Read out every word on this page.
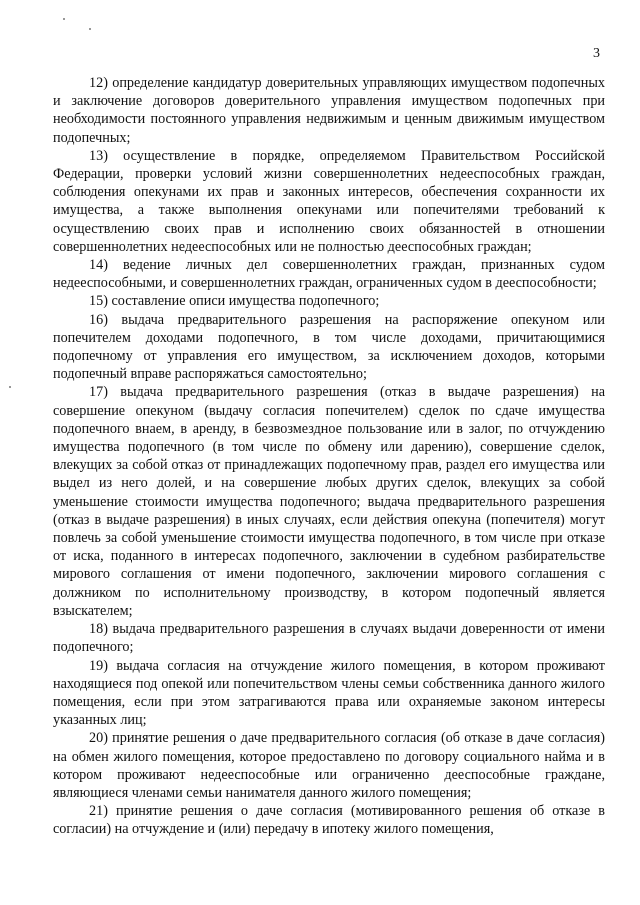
3

12) определение кандидатур доверительных управляющих имуществом подопечных и заключение договоров доверительного управления имуществом подопечных при необходимости постоянного управления недвижимым и ценным движимым имуществом подопечных;

13) осуществление в порядке, определяемом Правительством Российской Федерации, проверки условий жизни совершеннолетних недееспособных граждан, соблюдения опекунами их прав и законных интересов, обеспечения сохранности их имущества, а также выполнения опекунами или попечителями требований к осуществлению своих прав и исполнению своих обязанностей в отношении совершеннолетних недееспособных или не полностью дееспособных граждан;

14) ведение личных дел совершеннолетних граждан, признанных судом недееспособными, и совершеннолетних граждан, ограниченных судом в дееспособности;

15) составление описи имущества подопечного;

16) выдача предварительного разрешения на распоряжение опекуном или попечителем доходами подопечного, в том числе доходами, причитающимися подопечному от управления его имуществом, за исключением доходов, которыми подопечный вправе распоряжаться самостоятельно;

17) выдача предварительного разрешения (отказ в выдаче разрешения) на совершение опекуном (выдачу согласия попечителем) сделок по сдаче имущества подопечного внаем, в аренду, в безвозмездное пользование или в залог, по отчуждению имущества подопечного (в том числе по обмену или дарению), совершение сделок, влекущих за собой отказ от принадлежащих подопечному прав, раздел его имущества или выдел из него долей, и на совершение любых других сделок, влекущих за собой уменьшение стоимости имущества подопечного; выдача предварительного разрешения (отказ в выдаче разрешения) в иных случаях, если действия опекуна (попечителя) могут повлечь за собой уменьшение стоимости имущества подопечного, в том числе при отказе от иска, поданного в интересах подопечного, заключении в судебном разбирательстве мирового соглашения от имени подопечного, заключении мирового соглашения с должником по исполнительному производству, в котором подопечный является взыскателем;

18) выдача предварительного разрешения в случаях выдачи доверенности от имени подопечного;

19) выдача согласия на отчуждение жилого помещения, в котором проживают находящиеся под опекой или попечительством члены семьи собственника данного жилого помещения, если при этом затрагиваются права или охраняемые законом интересы указанных лиц;

20) принятие решения о даче предварительного согласия (об отказе в даче согласия) на обмен жилого помещения, которое предоставлено по договору социального найма и в котором проживают недееспособные или ограниченно дееспособные граждане, являющиеся членами семьи нанимателя данного жилого помещения;

21) принятие решения о даче согласия (мотивированного решения об отказе в согласии) на отчуждение и (или) передачу в ипотеку жилого помещения,
